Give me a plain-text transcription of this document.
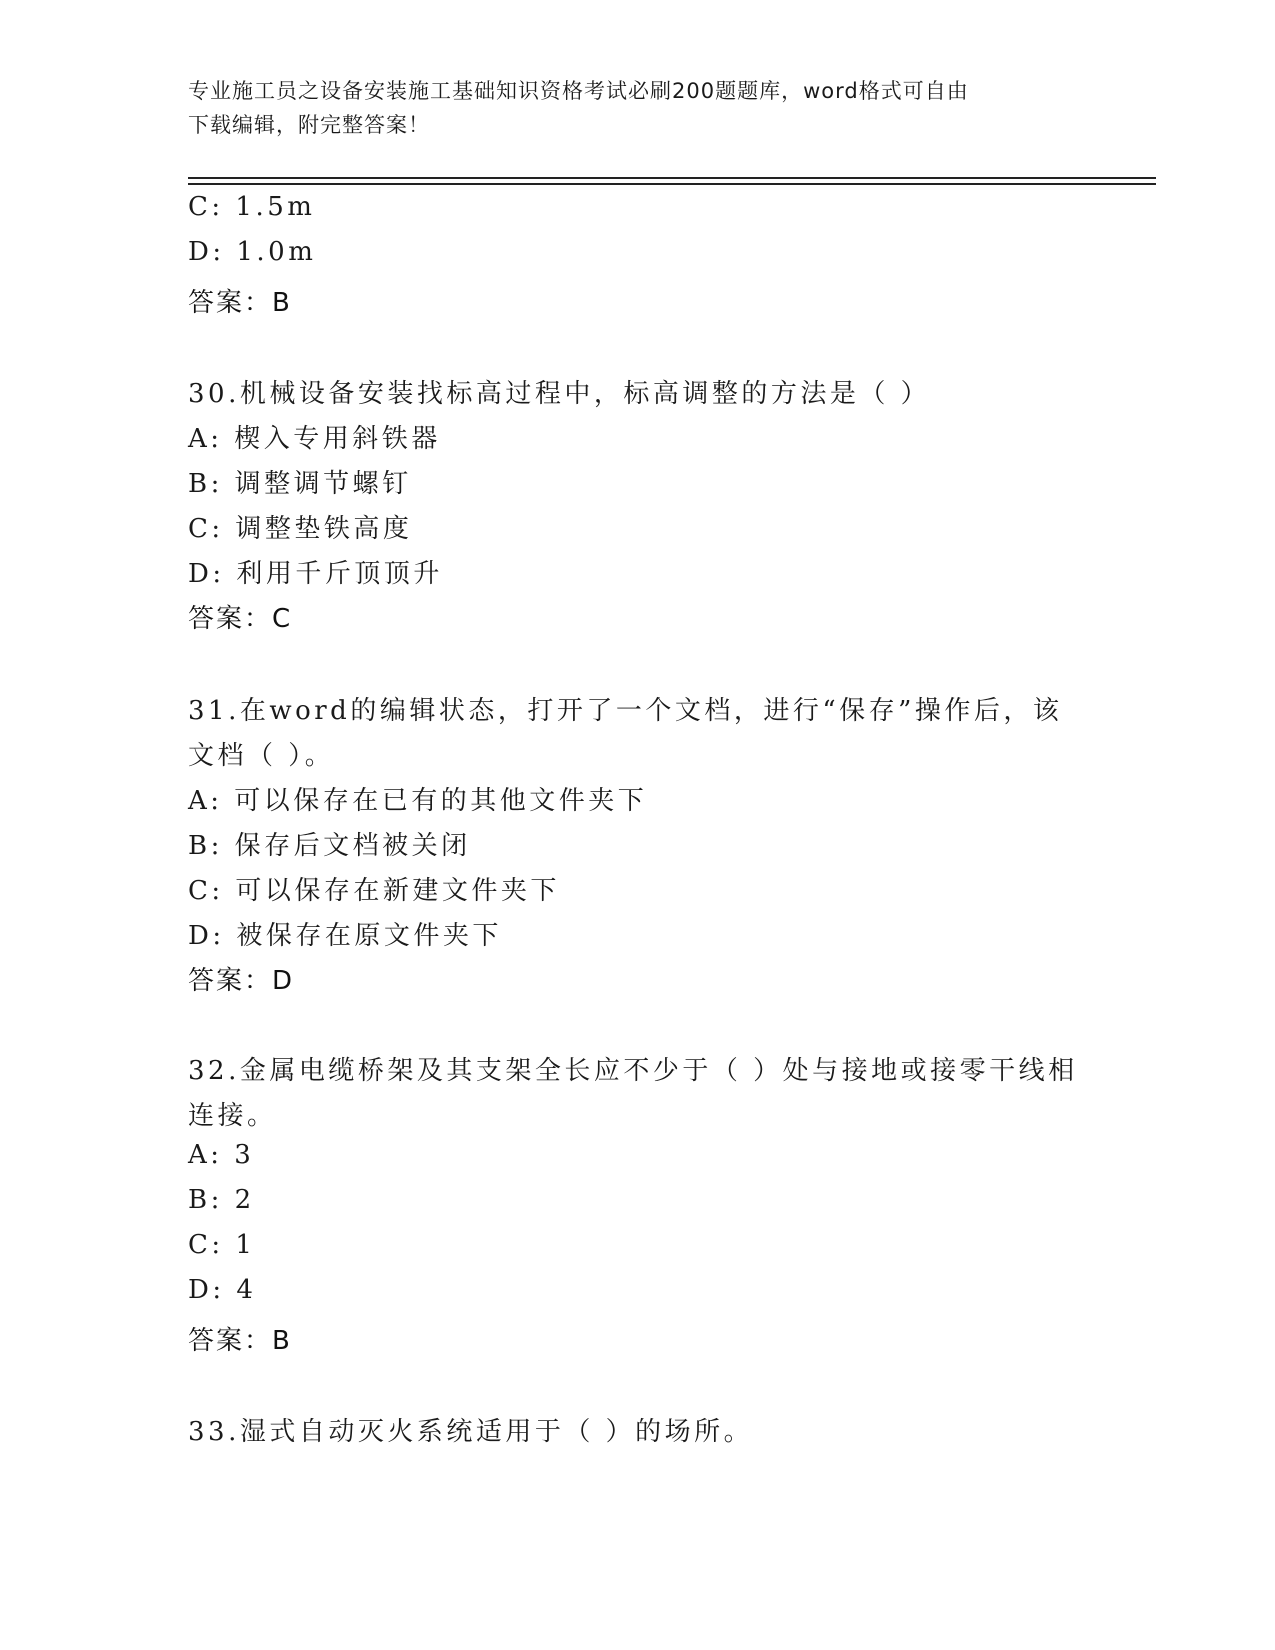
专业施工员之设备安装施工基础知识资格考试必刷200题题库，word格式可自由
下载编辑，附完整答案！
C: 1.5m
D: 1.0m
答案：B
30.机械设备安装找标高过程中，标高调整的方法是（ ）
A: 楔入专用斜铁器
B: 调整调节螺钉
C: 调整垫铁高度
D: 利用千斤顶顶升
答案：C
31.在word的编辑状态，打开了一个文档，进行“保存”操作后，该
文档（ ）。
A: 可以保存在已有的其他文件夹下
B: 保存后文档被关闭
C: 可以保存在新建文件夹下
D: 被保存在原文件夹下
答案：D
32.金属电缆桥架及其支架全长应不少于（ ）处与接地或接零干线相
连接。
A: 3
B: 2
C: 1
D: 4
答案：B
33.湿式自动灭火系统适用于（ ）的场所。
